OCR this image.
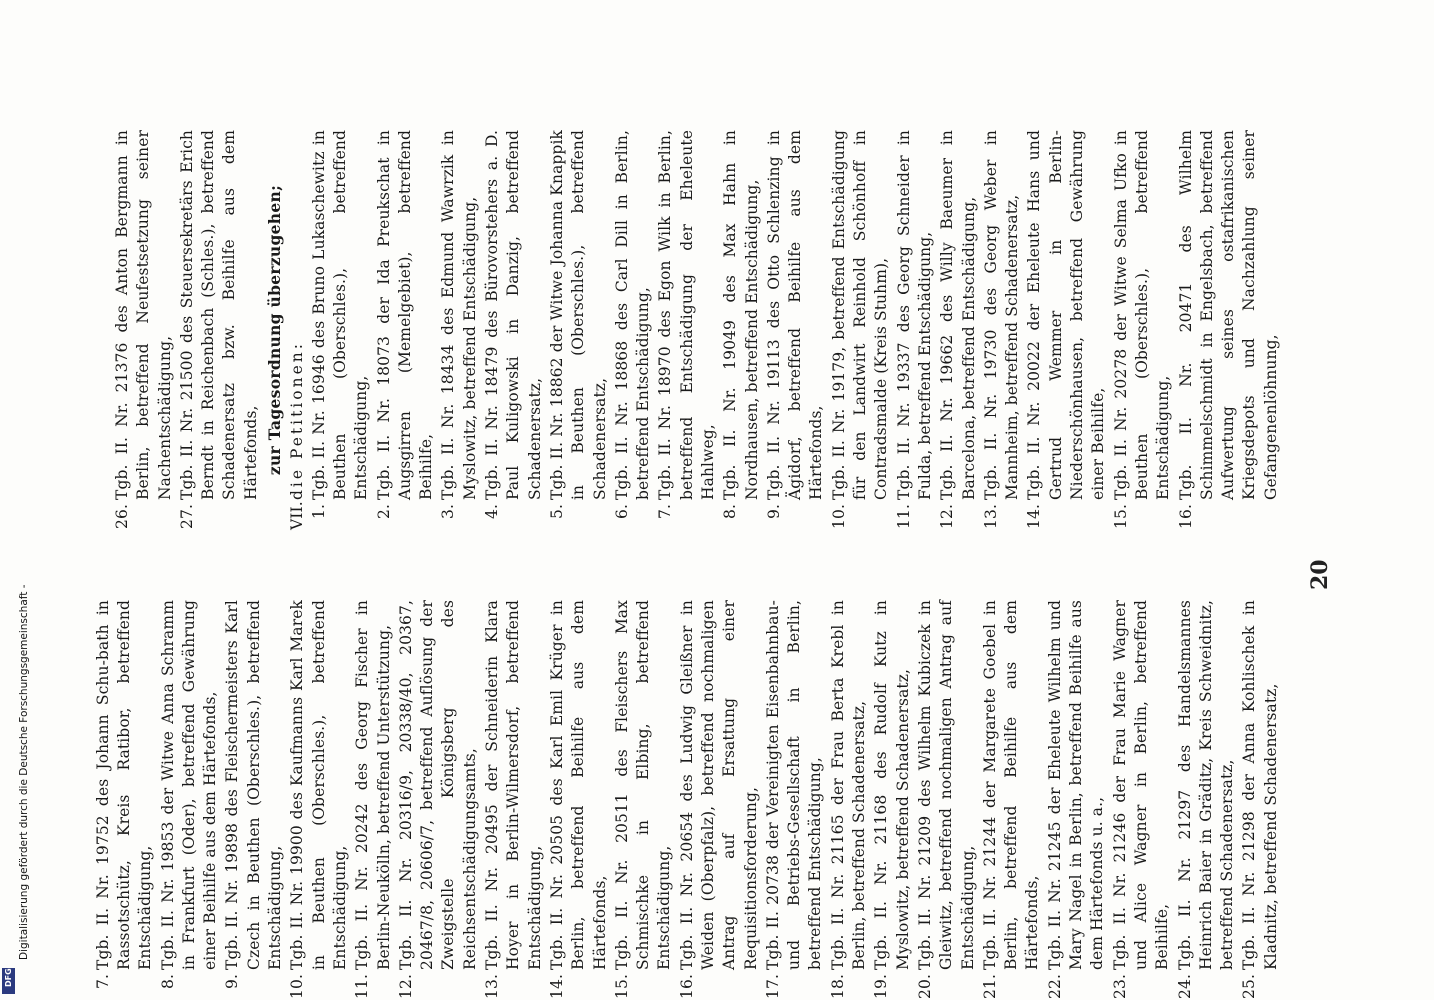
7.
Tgb. II. Nr. 19752 des Johann Schu-bath in Rassotschütz, Kreis Ratibor, betreffend Entschädigung,
8.
Tgb. II. Nr. 19853 der Witwe Anna Schramm in Frankfurt (Oder), betreffend Gewährung einer Beihilfe aus dem Härtefonds,
9.
Tgb. II. Nr. 19898 des Fleischermeisters Karl Czech in Beuthen (Oberschles.), betreffend Entschädigung,
10.
Tgb. II. Nr. 19900 des Kaufmanns Karl Marek in Beuthen (Oberschles.), betreffend Entschädigung,
11.
Tgb. II. Nr. 20242 des Georg Fischer in Berlin-Neukölln, betreffend Unterstützung,
12.
Tgb. II. Nr. 20316/9, 20338/40, 20367, 20467/8, 20606/7, betreffend Auflösung der Zweigstelle Königsberg des Reichsentschädigungsamts,
13.
Tgb. II. Nr. 20495 der Schneiderin Klara Hoyer in Berlin-Wilmersdorf, betreffend Entschädigung,
14.
Tgb. II. Nr. 20505 des Karl Emil Krüger in Berlin, betreffend Beihilfe aus dem Härtefonds,
15.
Tgb. II. Nr. 20511 des Fleischers Max Schmischke in Elbing, betreffend Entschädigung,
16.
Tgb. II. Nr. 20654 des Ludwig Gleißner in Weiden (Oberpfalz), betreffend nochmaligen Antrag auf Ersattung einer Requisitionsforderung,
17.
Tgb. II. 20738 der Vereinigten Eisenbahnbau- und Betriebs-Gesellschaft in Berlin, betreffend Entschädigung,
18.
Tgb. II. Nr. 21165 der Frau Berta Krebl in Berlin, betreffend Schadenersatz,
19.
Tgb. II. Nr. 21168 des Rudolf Kutz in Myslowitz, betreffend Schadenersatz,
20.
Tgb. II. Nr. 21209 des Wilhelm Kubiczek in Gleiwitz, betreffend nochmaligen Antrag auf Entschädigung,
21.
Tgb. II. Nr. 21244 der Margarete Goebel in Berlin, betreffend Beihilfe aus dem Härtefonds,
22.
Tgb. II. Nr. 21245 der Eheleute Wilhelm und Mary Nagel in Berlin, betreffend Beihilfe aus dem Härtefonds u. a.,
23.
Tgb. II. Nr. 21246 der Frau Marie Wagner und Alice Wagner in Berlin, betreffend Beihilfe,
24.
Tgb. II. Nr. 21297 des Handelsmannes Heinrich Baier in Gräditz, Kreis Schweidnitz, betreffend Schadenersatz,
25.
Tgb. II. Nr. 21298 der Anna Kohlischek in Kladnitz, betreffend Schadenersatz,
26.
Tgb. II. Nr. 21376 des Anton Bergmann in Berlin, betreffend Neufestsetzung seiner Nachentschädigung,
27.
Tgb. II. Nr. 21500 des Steuersekretärs Erich Berndt in Reichenbach (Schles.), betreffend Schadenersatz bzw. Beihilfe aus dem Härtefonds, zur Tagesordnung überzugehen;
VII.
die Petitionen:
1.
Tgb. II. Nr. 16946 des Bruno Lukaschewitz in Beuthen (Oberschles.), betreffend Entschädigung,
2.
Tgb. II. Nr. 18073 der Ida Preukschat in Augsgirren (Memelgebiet), betreffend Beihilfe,
3.
Tgb. II. Nr. 18434 des Edmund Wawrzik in Myslowitz, betreffend Entschädigung,
4.
Tgb. II. Nr. 18479 des Bürovorstehers a. D. Paul Kuligowski in Danzig, betreffend Schadenersatz,
5.
Tgb. II. Nr. 18862 der Witwe Johanna Knappik in Beuthen (Oberschles.), betreffend Schadenersatz,
6.
Tgb. II. Nr. 18868 des Carl Dill in Berlin, betreffend Entschädigung,
7.
Tgb. II. Nr. 18970 des Egon Wilk in Berlin, betreffend Entschädigung der Eheleute Hahlweg,
8.
Tgb. II. Nr. 19049 des Max Hahn in Nordhausen, betreffend Entschädigung,
9.
Tgb. II. Nr. 19113 des Otto Schlenzing in Ägidorf, betreffend Beihilfe aus dem Härtefonds,
10.
Tgb. II. Nr. 19179, betreffend Entschädigung für den Landwirt Reinhold Schönhoff in Contradsmalde (Kreis Stuhm),
11.
Tgb. II. Nr. 19337 des Georg Schneider in Fulda, betreffend Entschädigung,
12.
Tgb. II. Nr. 19662 des Willy Baeumer in Barcelona, betreffend Entschädigung,
13.
Tgb. II. Nr. 19730 des Georg Weber in Mannheim, betreffend Schadenersatz,
14.
Tgb. II. Nr. 20022 der Eheleute Hans und Gertrud Wemmer in Berlin-Niederschönhausen, betreffend Gewährung einer Beihilfe,
15.
Tgb. II. Nr. 20278 der Witwe Selma Ufko in Beuthen (Oberschles.), betreffend Entschädigung,
16.
Tgb. II. Nr. 20471 des Wilhelm Schimmelschmidt in Engelsbach, betreffend Aufwertung seines ostafrikanischen Kriegsdepots und Nachzahlung seiner Gefangenenlöhnung,
20
Digitalisierung gefördert durch die Deutsche Forschungsgemeinschaft -
DFG
